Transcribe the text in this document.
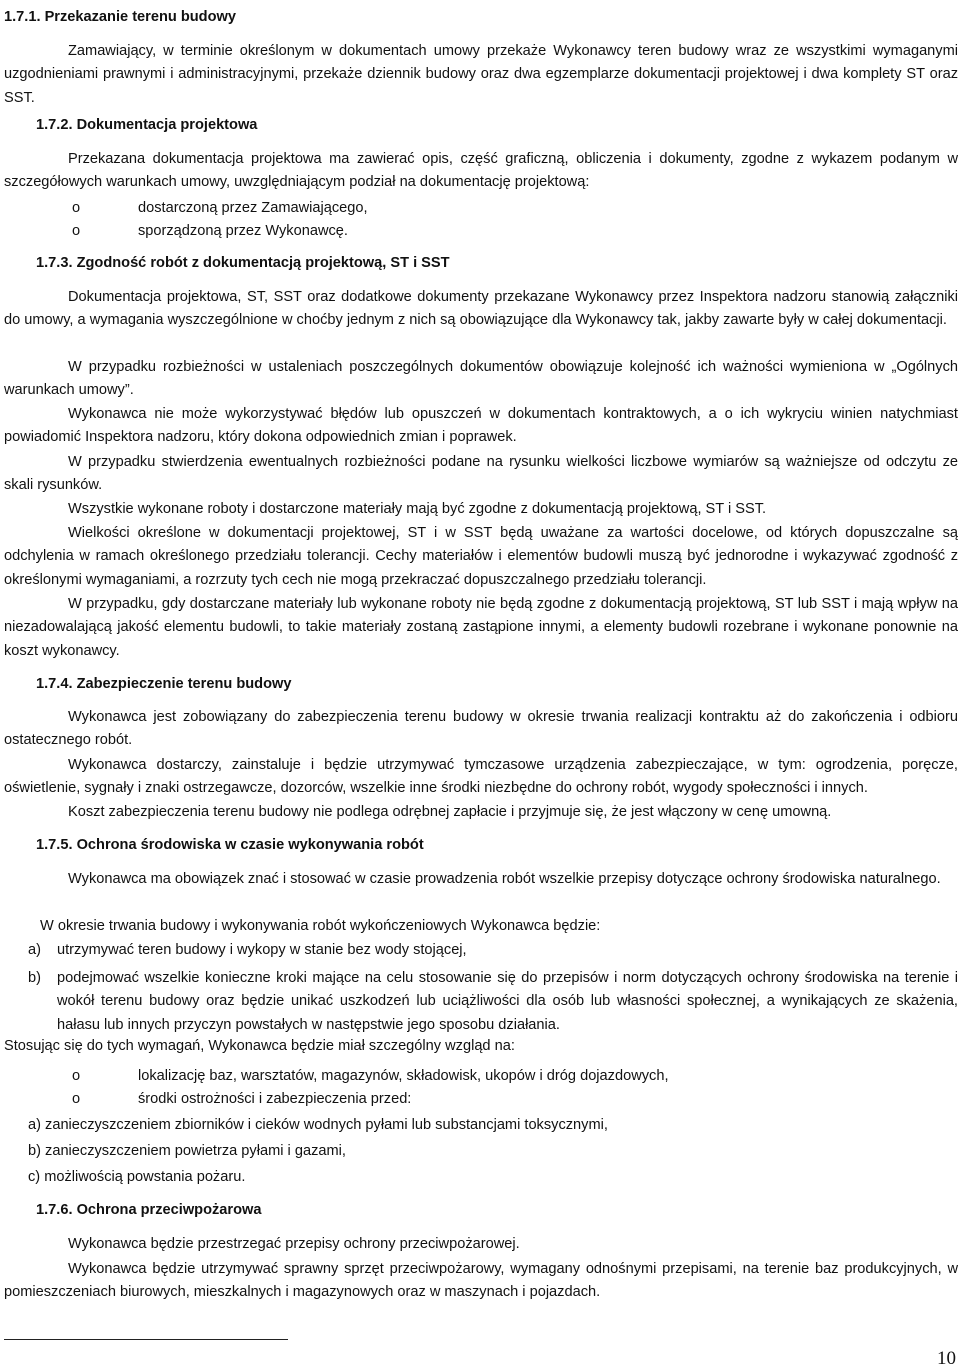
1.7.1. Przekazanie terenu budowy
Zamawiający, w terminie określonym w dokumentach umowy przekaże Wykonawcy teren budowy wraz ze wszystkimi wymaganymi uzgodnieniami prawnymi i administracyjnymi, przekaże dziennik budowy oraz dwa egzemplarze dokumentacji projektowej i dwa komplety ST oraz SST.
1.7.2. Dokumentacja projektowa
Przekazana dokumentacja projektowa ma zawierać opis, część graficzną, obliczenia i dokumenty, zgodne z wykazem podanym w szczegółowych warunkach umowy, uwzględniającym podział na dokumentację projektową:
o	dostarczoną przez Zamawiającego,
o	sporządzoną przez Wykonawcę.
1.7.3. Zgodność robót z dokumentacją projektową, ST i SST
Dokumentacja projektowa, ST, SST oraz dodatkowe dokumenty przekazane Wykonawcy przez Inspektora nadzoru stanowią załączniki do umowy, a wymagania wyszczególnione w choćby jednym z nich są obowiązujące dla Wykonawcy tak, jakby zawarte były w całej dokumentacji.
W przypadku rozbieżności w ustaleniach poszczególnych dokumentów obowiązuje kolejność ich ważności wymieniona w „Ogólnych warunkach umowy”.
Wykonawca nie może wykorzystywać błędów lub opuszczeń w dokumentach kontraktowych, a o ich wykryciu winien natychmiast powiadomić Inspektora nadzoru, który dokona odpowiednich zmian i poprawek.
W przypadku stwierdzenia ewentualnych rozbieżności podane na rysunku wielkości liczbowe wymiarów są ważniejsze od odczytu ze skali rysunków.
Wszystkie wykonane roboty i dostarczone materiały mają być zgodne z dokumentacją projektową, ST i SST.
Wielkości określone w dokumentacji projektowej, ST i w SST będą uważane za wartości docelowe, od których dopuszczalne są odchylenia w ramach określonego przedziału tolerancji. Cechy materiałów i elementów budowli muszą być jednorodne i wykazywać zgodność z określonymi wymaganiami, a rozrzuty tych cech nie mogą przekraczać dopuszczalnego przedziału tolerancji.
W przypadku, gdy dostarczane materiały lub wykonane roboty nie będą zgodne z dokumentacją projektową, ST lub SST i mają wpływ na niezadowalającą jakość elementu budowli, to takie materiały zostaną zastąpione innymi, a elementy budowli rozebrane i wykonane ponownie na koszt wykonawcy.
1.7.4. Zabezpieczenie terenu budowy
Wykonawca jest zobowiązany do zabezpieczenia terenu budowy w okresie trwania realizacji kontraktu aż do zakończenia i odbioru ostatecznego robót.
Wykonawca dostarczy, zainstaluje i będzie utrzymywać tymczasowe urządzenia zabezpieczające, w tym: ogrodzenia, poręcze, oświetlenie, sygnały i znaki ostrzegawcze, dozorców, wszelkie inne środki niezbędne do ochrony robót, wygody społeczności i innych.
Koszt zabezpieczenia terenu budowy nie podlega odrębnej zapłacie i przyjmuje się, że jest włączony w cenę umowną.
1.7.5. Ochrona środowiska w czasie wykonywania robót
Wykonawca ma obowiązek znać i stosować w czasie prowadzenia robót wszelkie przepisy dotyczące ochrony środowiska naturalnego.
W okresie trwania budowy i wykonywania robót wykończeniowych Wykonawca będzie:
a) utrzymywać teren budowy i wykopy w stanie bez wody stojącej,
b) podejmować wszelkie konieczne kroki mające na celu stosowanie się do przepisów i norm dotyczących ochrony środowiska na terenie i wokół terenu budowy oraz będzie unikać uszkodzeń lub uciążliwości dla osób lub własności społecznej, a wynikających ze skażenia, hałasu lub innych przyczyn powstałych w następstwie jego sposobu działania.
Stosując się do tych wymagań, Wykonawca będzie miał szczególny wzgląd na:
o	lokalizację baz, warsztatów, magazynów, składowisk, ukopów i dróg dojazdowych,
o	środki ostrożności i zabezpieczenia przed:
a) zanieczyszczeniem zbiorników i cieków wodnych pyłami lub substancjami toksycznymi,
b) zanieczyszczeniem powietrza pyłami i gazami,
c) możliwością powstania pożaru.
1.7.6. Ochrona przeciwpożarowa
Wykonawca będzie przestrzegać przepisy ochrony przeciwpożarowej.
Wykonawca będzie utrzymywać sprawny sprzęt przeciwpożarowy, wymagany odnośnymi przepisami, na terenie baz produkcyjnych, w pomieszczeniach biurowych, mieszkalnych i magazynowych oraz w maszynach i pojazdach.
10
